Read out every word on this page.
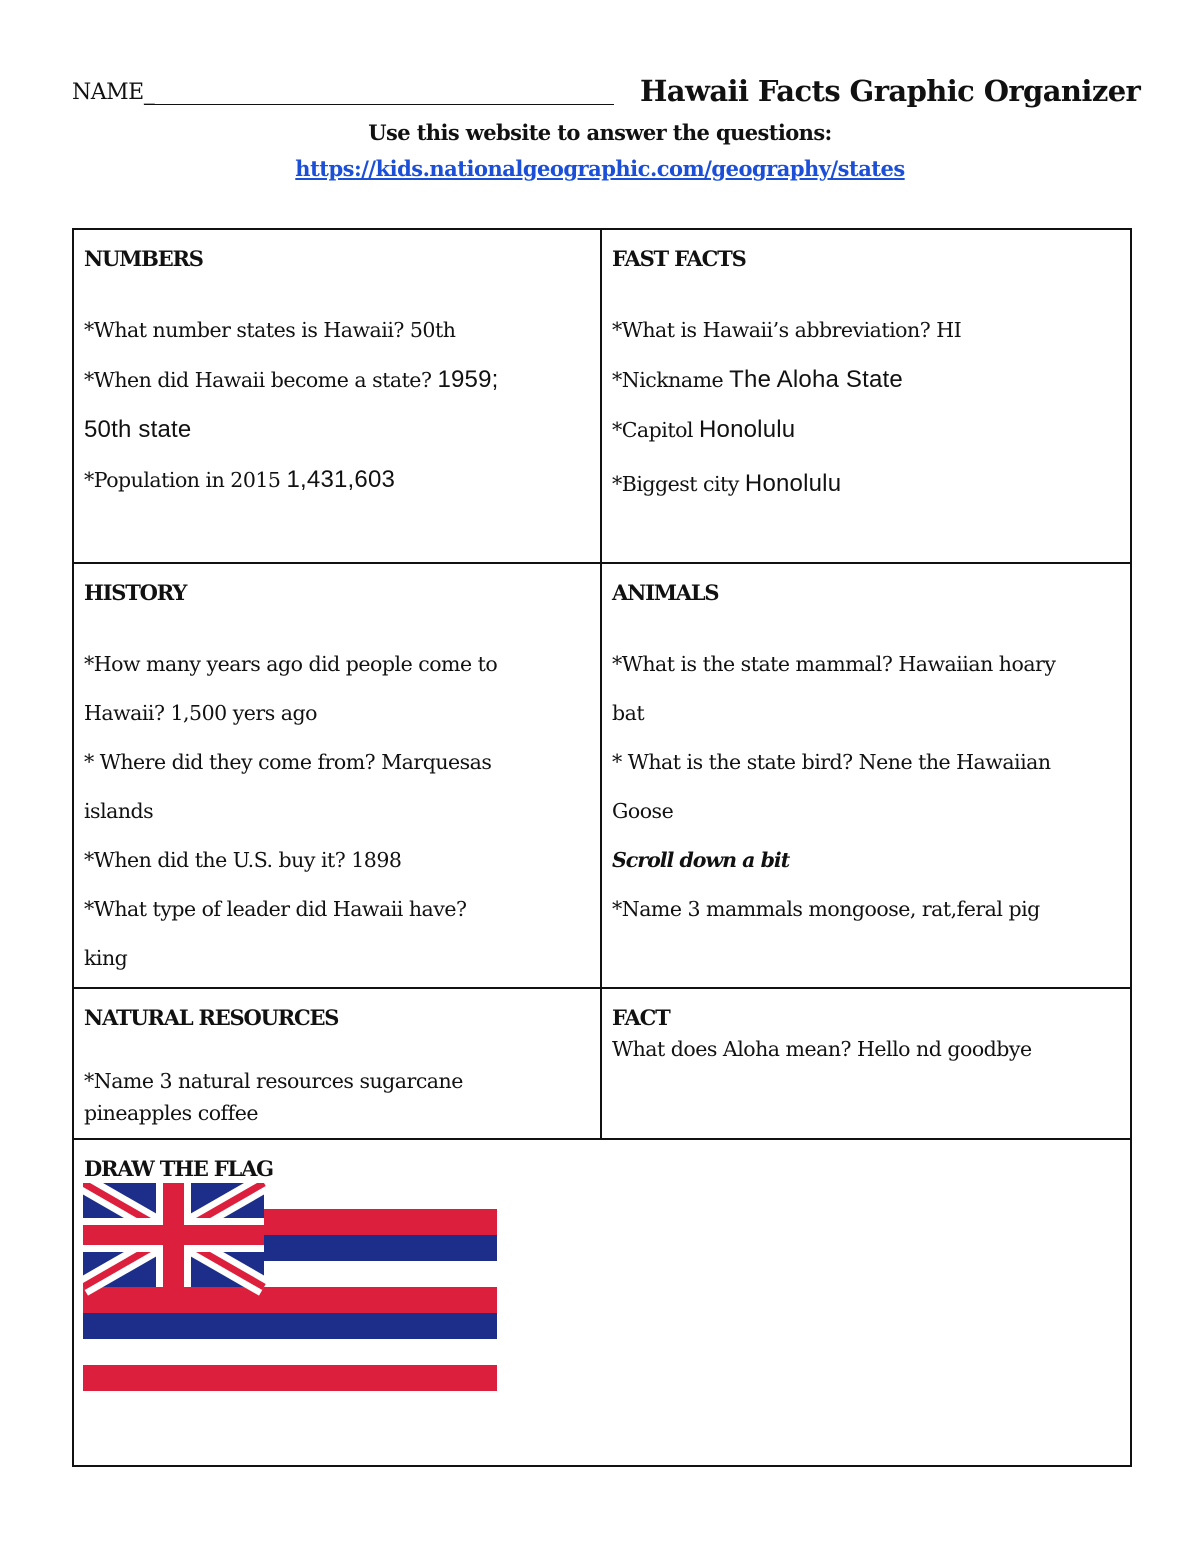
NAME_	Hawaii Facts Graphic Organizer
Use this website to answer the questions:
https://kids.nationalgeographic.com/geography/states
NUMBERS
*What number states is Hawaii? 50th
*When did Hawaii become a state? 1959;
50th state
*Population in 2015 1,431,603
FAST FACTS
*What is Hawaii’s abbreviation? HI
*Nickname The Aloha State
*Capitol Honolulu
*Biggest city Honolulu
HISTORY
*How many years ago did people come to
Hawaii? 1,500 yers ago
* Where did they come from? Marquesas
islands
*When did the U.S. buy it? 1898
*What type of leader did Hawaii have?
king
ANIMALS
*What is the state mammal? Hawaiian hoary
bat
* What is the state bird? Nene the Hawaiian
Goose
Scroll down a bit
*Name 3 mammals mongoose, rat,feral pig
NATURAL RESOURCES
*Name 3 natural resources sugarcane
pineapples coffee
FACT
What does Aloha mean? Hello nd goodbye
DRAW THE FLAG
